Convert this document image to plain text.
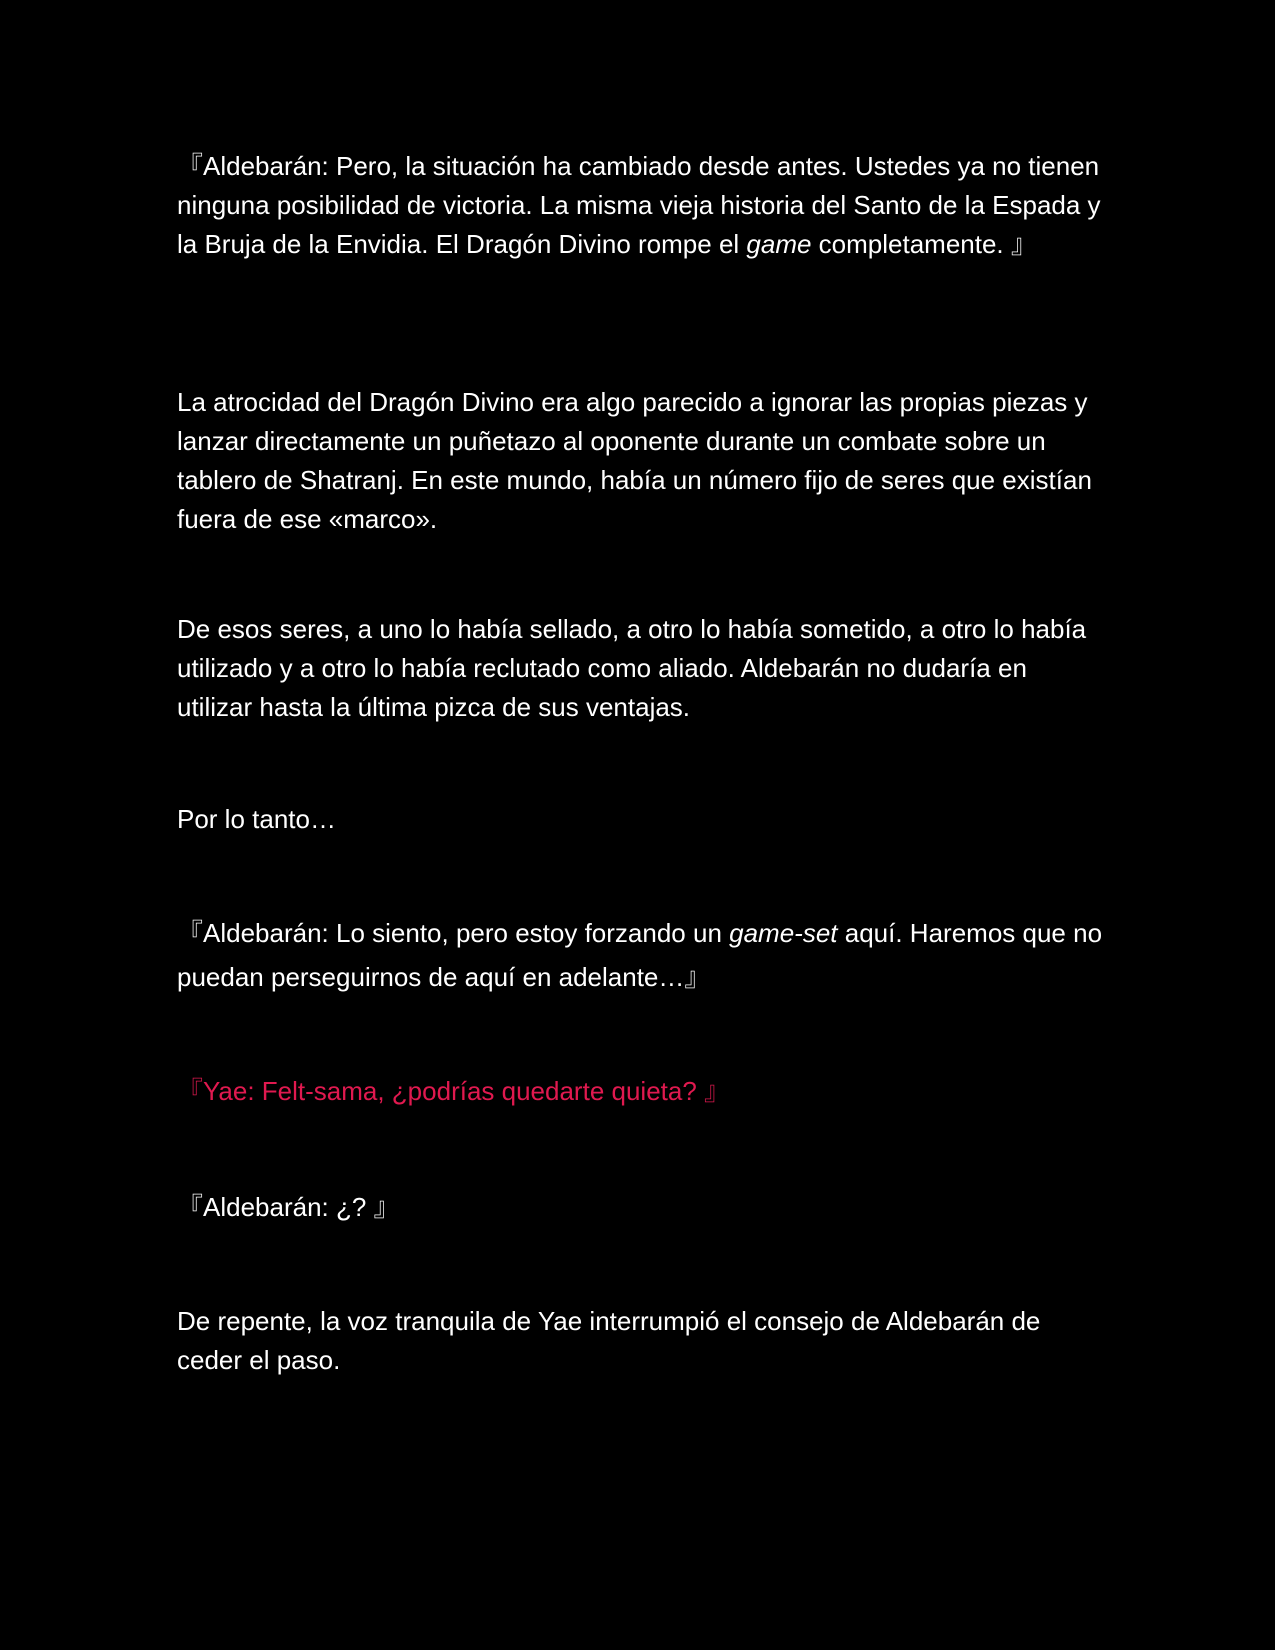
『Aldebarán: Pero, la situación ha cambiado desde antes. Ustedes ya no tienen ninguna posibilidad de victoria. La misma vieja historia del Santo de la Espada y la Bruja de la Envidia. El Dragón Divino rompe el game completamente. 』

La atrocidad del Dragón Divino era algo parecido a ignorar las propias piezas y lanzar directamente un puñetazo al oponente durante un combate sobre un tablero de Shatranj. En este mundo, había un número fijo de seres que existían fuera de ese «marco».

De esos seres, a uno lo había sellado, a otro lo había sometido, a otro lo había utilizado y a otro lo había reclutado como aliado. Aldebarán no dudaría en utilizar hasta la última pizca de sus ventajas.

Por lo tanto…

『Aldebarán: Lo siento, pero estoy forzando un game-set aquí. Haremos que no puedan perseguirnos de aquí en adelante…』

『Yae: Felt-sama, ¿podrías quedarte quieta? 』

『Aldebarán: ¿? 』

De repente, la voz tranquila de Yae interrumpió el consejo de Aldebarán de ceder el paso.
